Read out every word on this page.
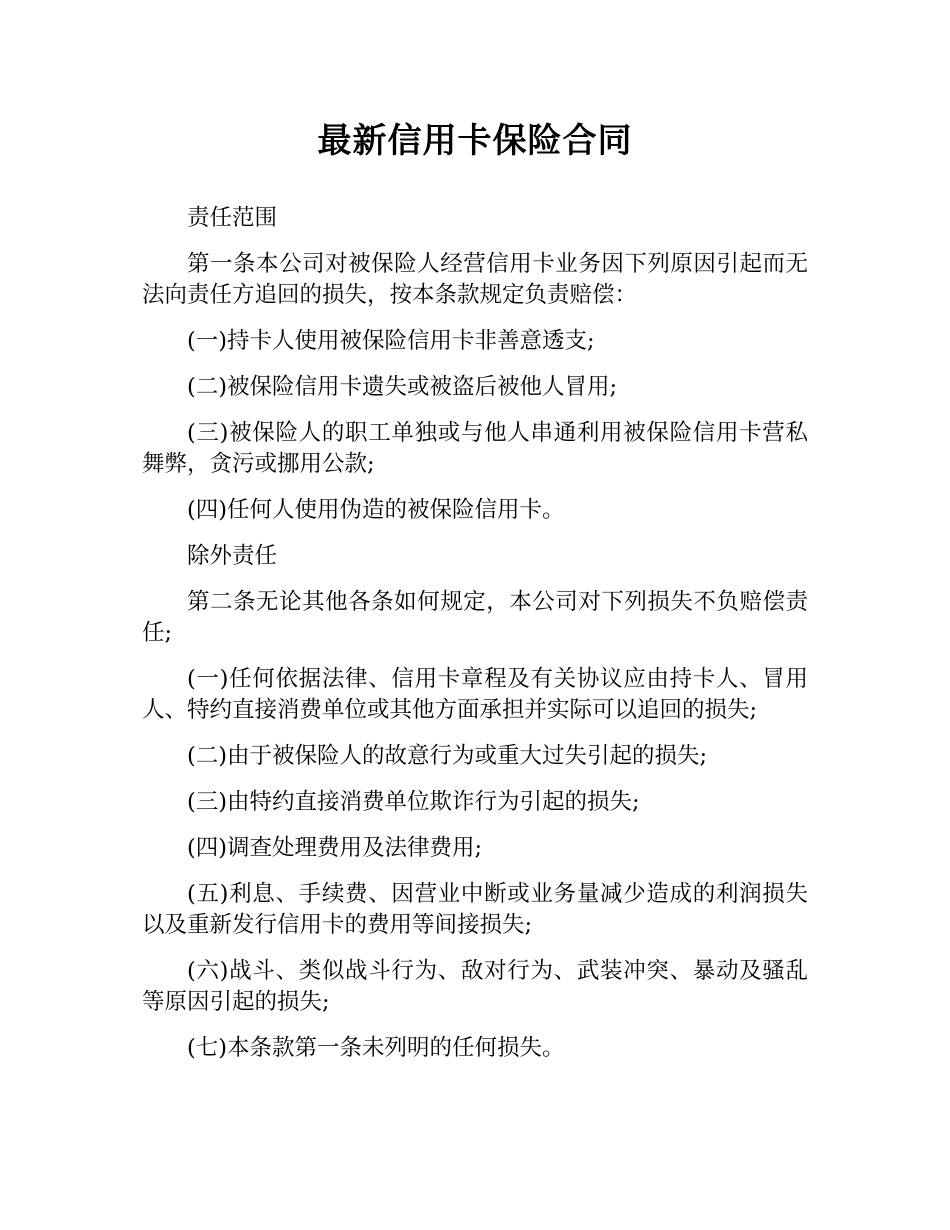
最新信用卡保险合同

责任范围

第一条本公司对被保险人经营信用卡业务因下列原因引起而无法向责任方追回的损失，按本条款规定负责赔偿：

(一)持卡人使用被保险信用卡非善意透支;

(二)被保险信用卡遗失或被盗后被他人冒用;

(三)被保险人的职工单独或与他人串通利用被保险信用卡营私舞弊，贪污或挪用公款;

(四)任何人使用伪造的被保险信用卡。

除外责任

第二条无论其他各条如何规定，本公司对下列损失不负赔偿责任;

(一)任何依据法律、信用卡章程及有关协议应由持卡人、冒用人、特约直接消费单位或其他方面承担并实际可以追回的损失;

(二)由于被保险人的故意行为或重大过失引起的损失;

(三)由特约直接消费单位欺诈行为引起的损失;

(四)调查处理费用及法律费用;

(五)利息、手续费、因营业中断或业务量减少造成的利润损失以及重新发行信用卡的费用等间接损失;

(六)战斗、类似战斗行为、敌对行为、武装冲突、暴动及骚乱等原因引起的损失;

(七)本条款第一条未列明的任何损失。
